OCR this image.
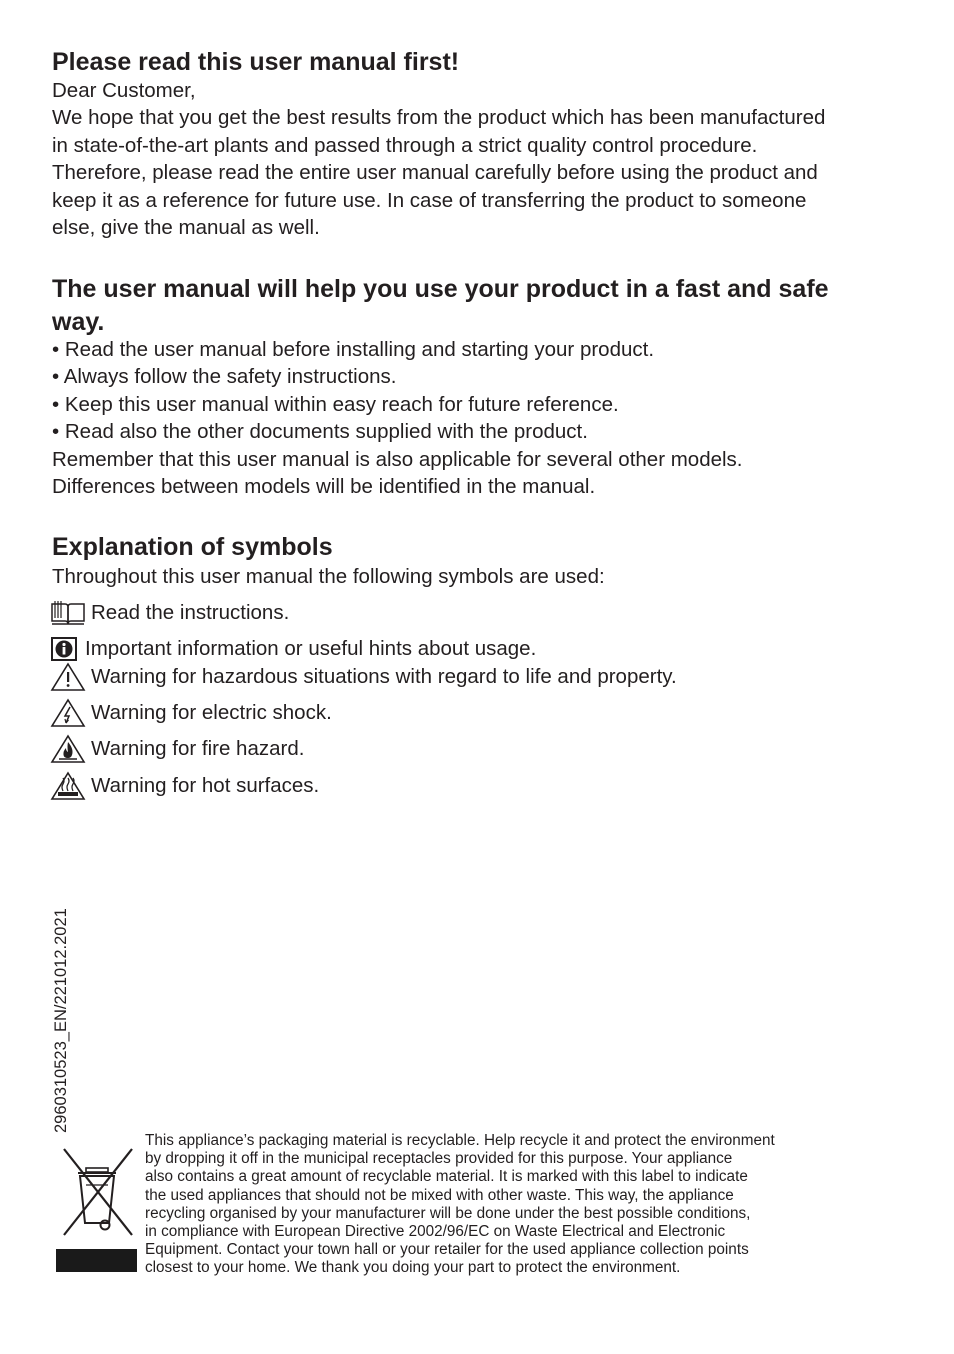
Please read this user manual first!
Dear Customer,
We hope that you get the best results from the product which has been manufactured
in state-of-the-art plants and passed through a strict quality control procedure.
Therefore, please read the entire user manual carefully before using the product and
keep it as a reference for future use. In case of transferring the product to someone
else, give the manual as well.
The user manual will help you use your product in a fast and safe
way.
• Read the user manual before installing and starting your product.
• Always follow the safety instructions.
• Keep this user manual within easy reach for future reference.
• Read also the other documents supplied with the product.
Remember that this user manual is also applicable for several other models.
Differences between models will be identified in the manual.
Explanation of symbols

Throughout this user manual the following symbols are used:

Read the instructions.
Important information or useful hints about usage.
Warning for hazardous situations with regard to life and property.
Warning for electric shock.
Warning for fire hazard.
Warning for hot surfaces.
2960310523_EN/221012.2021
This appliance’s packaging material is recyclable. Help recycle it and protect the environment
by dropping it off in the municipal receptacles provided for this purpose. Your appliance
also contains a great amount of recyclable material. It is marked with this label to indicate
the used appliances that should not be mixed with other waste. This way, the appliance
recycling organised by your manufacturer will be done under the best possible conditions,
in compliance with European Directive 2002/96/EC on Waste Electrical and Electronic
Equipment. Contact your town hall or your retailer for the used appliance collection points
closest to your home. We thank you doing your part to protect the environment.
